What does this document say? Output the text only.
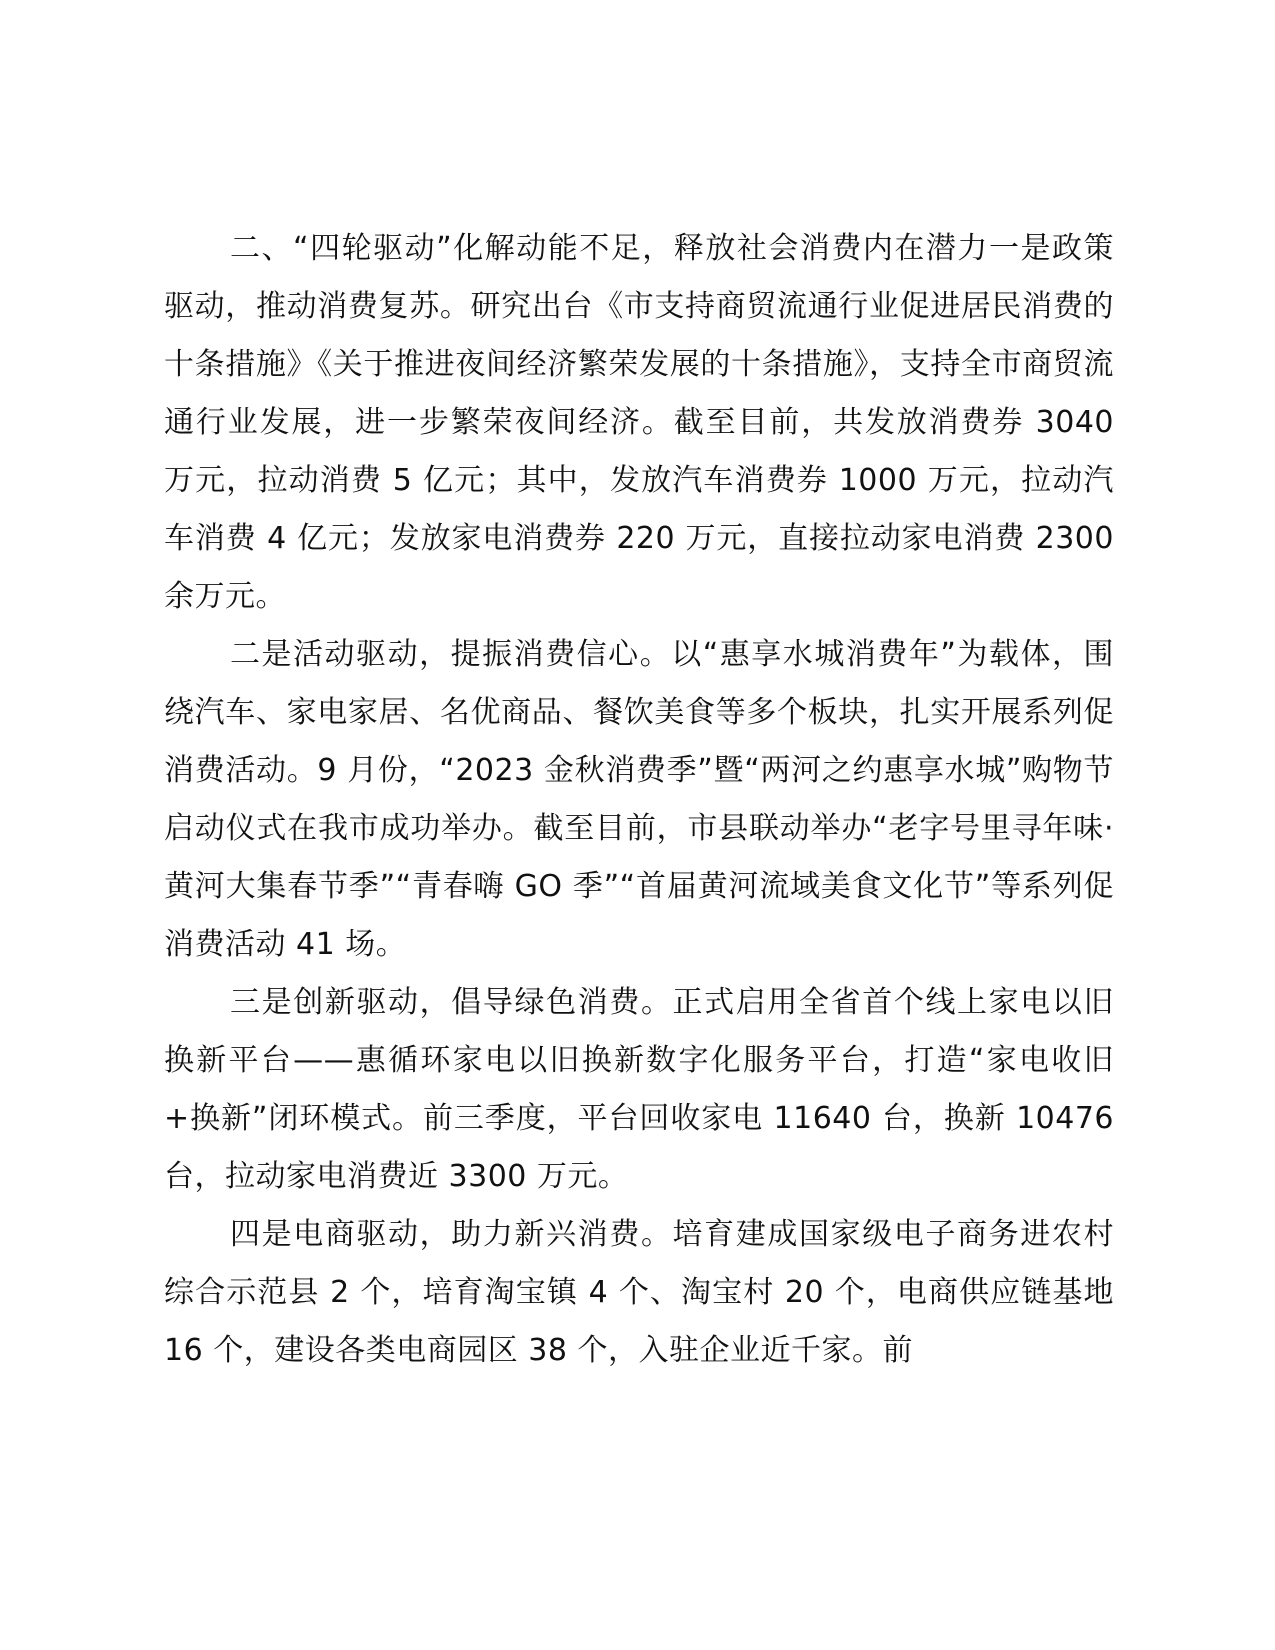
二、“四轮驱动”化解动能不足，释放社会消费内在潜力一是政策驱动，推动消费复苏。研究出台《市支持商贸流通行业促进居民消费的十条措施》《关于推进夜间经济繁荣发展的十条措施》，支持全市商贸流通行业发展，进一步繁荣夜间经济。截至目前，共发放消费券 3040 万元，拉动消费 5 亿元；其中，发放汽车消费券 1000 万元，拉动汽车消费 4 亿元；发放家电消费券 220 万元，直接拉动家电消费 2300 余万元。

二是活动驱动，提振消费信心。以“惠享水城消费年”为载体，围绕汽车、家电家居、名优商品、餐饮美食等多个板块，扎实开展系列促消费活动。9 月份，“2023 金秋消费季”暨“两河之约惠享水城”购物节启动仪式在我市成功举办。截至目前，市县联动举办“老字号里寻年味·黄河大集春节季”“青春嗨 GO 季”“首届黄河流域美食文化节”等系列促消费活动 41 场。

三是创新驱动，倡导绿色消费。正式启用全省首个线上家电以旧换新平台——惠循环家电以旧换新数字化服务平台，打造“家电收旧+换新”闭环模式。前三季度，平台回收家电 11640 台，换新 10476 台，拉动家电消费近 3300 万元。

四是电商驱动，助力新兴消费。培育建成国家级电子商务进农村综合示范县 2 个，培育淘宝镇 4 个、淘宝村 20 个，电商供应链基地 16 个，建设各类电商园区 38 个，入驻企业近千家。前
